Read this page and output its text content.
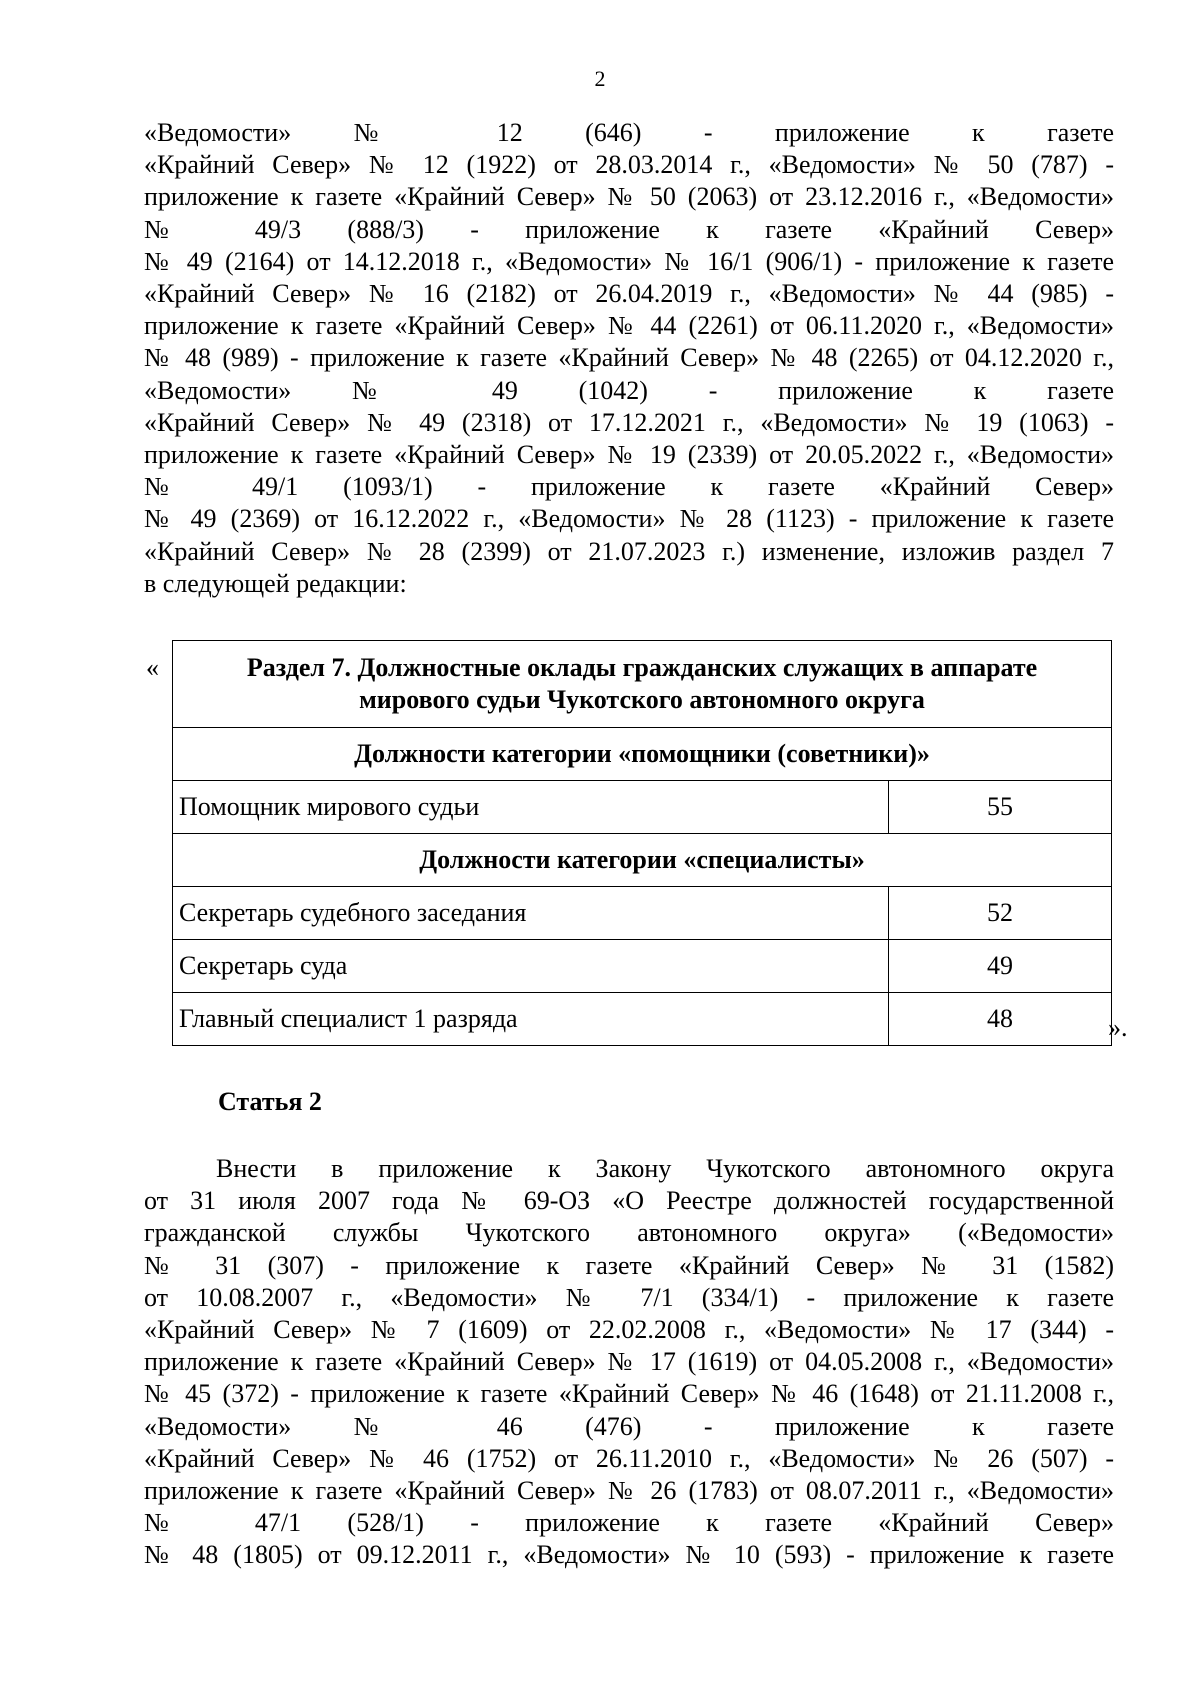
2
«Ведомости» № 12 (646) - приложение к газете
«Крайний Север» № 12 (1922) от 28.03.2014 г., «Ведомости» № 50 (787) -
приложение к газете «Крайний Север» № 50 (2063) от 23.12.2016 г., «Ведомости»
№ 49/3 (888/3) - приложение к газете «Крайний Север»
№ 49 (2164) от 14.12.2018 г., «Ведомости» № 16/1 (906/1) - приложение к газете
«Крайний Север» № 16 (2182) от 26.04.2019 г., «Ведомости» № 44 (985) -
приложение к газете «Крайний Север» № 44 (2261) от 06.11.2020 г., «Ведомости»
№ 48 (989) - приложение к газете «Крайний Север» № 48 (2265) от 04.12.2020 г.,
«Ведомости» № 49 (1042) - приложение к газете
«Крайний Север» № 49 (2318) от 17.12.2021 г., «Ведомости» № 19 (1063) -
приложение к газете «Крайний Север» № 19 (2339) от 20.05.2022 г., «Ведомости»
№ 49/1 (1093/1) - приложение к газете «Крайний Север»
№ 49 (2369) от 16.12.2022 г., «Ведомости» № 28 (1123) - приложение к газете
«Крайний Север» № 28 (2399) от 21.07.2023 г.) изменение, изложив раздел 7
в следующей редакции:
«	Раздел 7. Должностные оклады гражданских служащих в аппарате
мирового судьи Чукотского автономного округа	
Должности категории «помощники (советники)»	
Помощник мирового судьи	55
Должности категории «специалисты»	
Секретарь судебного заседания	52
Секретарь суда	49
Главный специалист 1 разряда	48	».
Статья 2
Внести в приложение к Закону Чукотского автономного округа
от 31 июля 2007 года № 69-ОЗ «О Реестре должностей государственной
гражданской службы Чукотского автономного округа» («Ведомости»
№ 31 (307) - приложение к газете «Крайний Север» № 31 (1582)
от 10.08.2007 г., «Ведомости» № 7/1 (334/1) - приложение к газете
«Крайний Север» № 7 (1609) от 22.02.2008 г., «Ведомости» № 17 (344) -
приложение к газете «Крайний Север» № 17 (1619) от 04.05.2008 г., «Ведомости»
№ 45 (372) - приложение к газете «Крайний Север» № 46 (1648) от 21.11.2008 г.,
«Ведомости» № 46 (476) - приложение к газете
«Крайний Север» № 46 (1752) от 26.11.2010 г., «Ведомости» № 26 (507) -
приложение к газете «Крайний Север» № 26 (1783) от 08.07.2011 г., «Ведомости»
№ 47/1 (528/1) - приложение к газете «Крайний Север»
№ 48 (1805) от 09.12.2011 г., «Ведомости» № 10 (593) - приложение к газете
